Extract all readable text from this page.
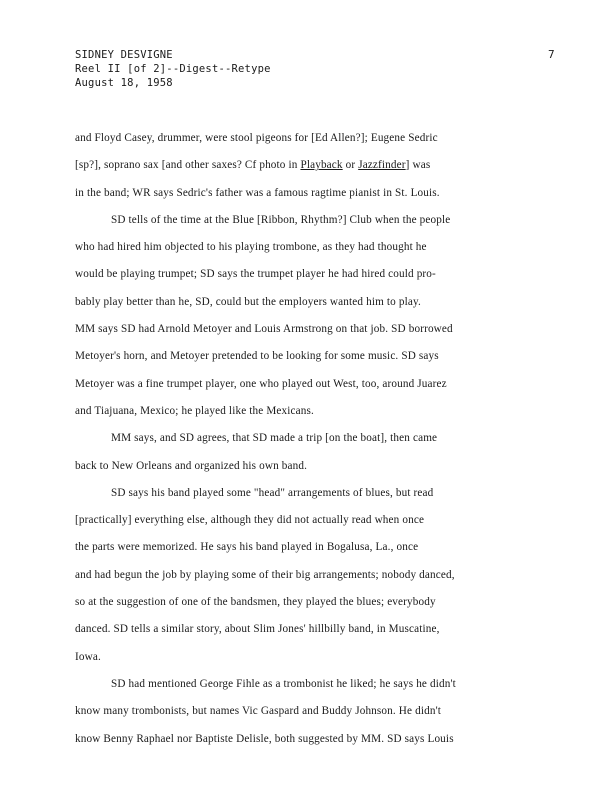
SIDNEY DESVIGNE
Reel II [of 2]--Digest--Retype
August 18, 1958
7
and Floyd Casey, drummer, were stool pigeons for [Ed Allen?]; Eugene Sedric
[sp?], soprano sax [and other saxes? Cf photo in Playback or Jazzfinder] was
in the band; WR says Sedric's father was a famous ragtime pianist in St. Louis.
SD tells of the time at the Blue [Ribbon, Rhythm?] Club when the people
who had hired him objected to his playing trombone, as they had thought he
would be playing trumpet; SD says the trumpet player he had hired could pro-
bably play better than he, SD, could but the employers wanted him to play.
MM says SD had Arnold Metoyer and Louis Armstrong on that job. SD borrowed
Metoyer's horn, and Metoyer pretended to be looking for some music. SD says
Metoyer was a fine trumpet player, one who played out West, too, around Juarez
and Tiajuana, Mexico; he played like the Mexicans.
MM says, and SD agrees, that SD made a trip [on the boat], then came
back to New Orleans and organized his own band.
SD says his band played some "head" arrangements of blues, but read
[practically] everything else, although they did not actually read when once
the parts were memorized. He says his band played in Bogalusa, La., once
and had begun the job by playing some of their big arrangements; nobody danced,
so at the suggestion of one of the bandsmen, they played the blues; everybody
danced. SD tells a similar story, about Slim Jones' hillbilly band, in Muscatine,
Iowa.
SD had mentioned George Fihle as a trombonist he liked; he says he didn't
know many trombonists, but names Vic Gaspard and Buddy Johnson. He didn't
know Benny Raphael nor Baptiste Delisle, both suggested by MM. SD says Louis
